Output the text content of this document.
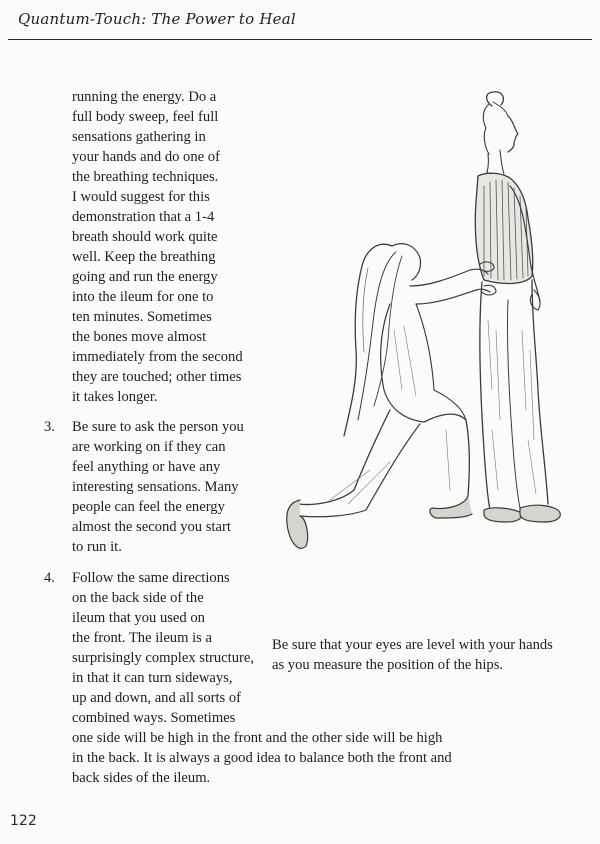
Quantum-Touch: The Power to Heal
running the energy. Do a
full body sweep, feel full
sensations gathering in
your hands and do one of
the breathing techniques.
I would suggest for this
demonstration that a 1-4
breath should work quite
well. Keep the breathing
going and run the energy
into the ileum for one to
ten minutes. Sometimes
the bones move almost
immediately from the second
they are touched; other times
it takes longer.
3. Be sure to ask the person you
are working on if they can
feel anything or have any
interesting sensations. Many
people can feel the energy
almost the second you start
to run it.
4. Follow the same directions
on the back side of the
ileum that you used on
the front. The ileum is a
surprisingly complex structure,
in that it can turn sideways,
up and down, and all sorts of
combined ways. Sometimes
one side will be high in the front and the other side will be high
in the back. It is always a good idea to balance both the front and
back sides of the ileum.
Be sure that your eyes are level with your hands
as you measure the position of the hips.
122
